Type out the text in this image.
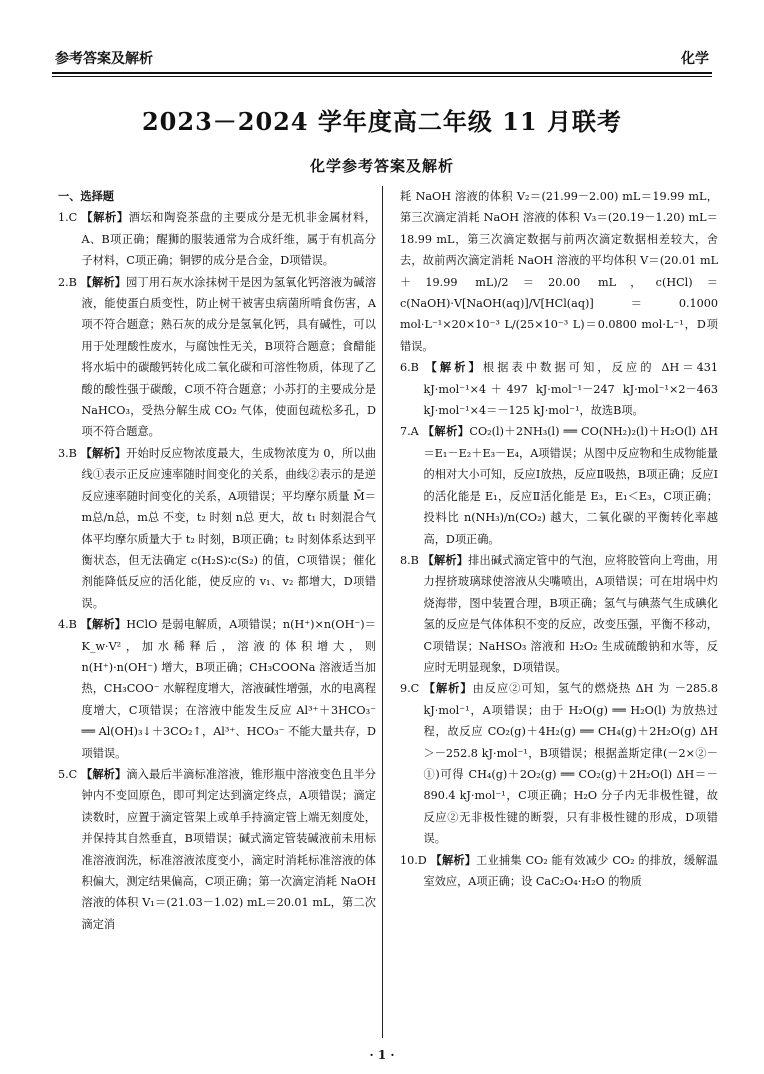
参考答案及解析	化学
2023－2024 学年度高二年级 11 月联考
化学参考答案及解析

一、选择题

1.C 【解析】酒坛和陶瓷茶盘的主要成分是无机非金属材料，A、B项正确；醒狮的服装通常为合成纤维，属于有机高分子材料，C项正确；铜锣的成分是合金，D项错误。

2.B 【解析】园丁用石灰水涂抹树干是因为氢氧化钙溶液为碱溶液，能使蛋白质变性，防止树干被害虫病菌所啃食伤害，A项不符合题意；熟石灰的成分是氢氧化钙，具有碱性，可以用于处理酸性废水，与腐蚀性无关，B项符合题意；食醋能将水垢中的碳酸钙转化成二氧化碳和可溶性物质，体现了乙酸的酸性强于碳酸，C项不符合题意；小苏打的主要成分是 NaHCO₃，受热分解生成 CO₂ 气体，使面包疏松多孔，D项不符合题意。

3.B 【解析】开始时反应物浓度最大，生成物浓度为 0，所以曲线①表示正反应速率随时间变化的关系，曲线②表示的是逆反应速率随时间变化的关系，A项错误；平均摩尔质量 M̄＝m总/n总，m总 不变，t₂ 时刻 n总 更大，故 t₁ 时刻混合气体平均摩尔质量大于 t₂ 时刻，B项正确；t₂ 时刻体系达到平衡状态，但无法确定 c(H₂S)∶c(S₂) 的值，C项错误；催化剂能降低反应的活化能，使反应的 v₁、v₂ 都增大，D项错误。

4.B 【解析】HClO 是弱电解质，A项错误；n(H⁺)×n(OH⁻)＝K_w·V²，加水稀释后，溶液的体积增大，则 n(H⁺)·n(OH⁻) 增大，B项正确；CH₃COONa 溶液适当加热，CH₃COO⁻ 水解程度增大，溶液碱性增强，水的电离程度增大，C项错误；在溶液中能发生反应 Al³⁺＋3HCO₃⁻ ══ Al(OH)₃↓＋3CO₂↑，Al³⁺、HCO₃⁻ 不能大量共存，D项错误。

5.C 【解析】滴入最后半滴标准溶液，锥形瓶中溶液变色且半分钟内不变回原色，即可判定达到滴定终点，A项错误；滴定读数时，应置于滴定管架上或单手持滴定管上端无刻度处，并保持其自然垂直，B项错误；碱式滴定管装碱液前未用标准溶液润洗，标准溶液浓度变小，滴定时消耗标准溶液的体积偏大，测定结果偏高，C项正确；第一次滴定消耗 NaOH 溶液的体积 V₁＝(21.03－1.02) mL＝20.01 mL，第二次滴定消

耗 NaOH 溶液的体积 V₂＝(21.99－2.00) mL＝19.99 mL，第三次滴定消耗 NaOH 溶液的体积 V₃＝(20.19－1.20) mL＝18.99 mL，第三次滴定数据与前两次滴定数据相差较大，舍去，故前两次滴定消耗 NaOH 溶液的平均体积 V＝(20.01 mL＋19.99 mL)/2＝20.00 mL，c(HCl)＝c(NaOH)·V[NaOH(aq)]/V[HCl(aq)]＝0.1000 mol·L⁻¹×20×10⁻³ L/(25×10⁻³ L)＝0.0800 mol·L⁻¹，D项错误。

6.B 【解析】根据表中数据可知，反应的 ΔH＝431 kJ·mol⁻¹×4＋497 kJ·mol⁻¹－247 kJ·mol⁻¹×2－463 kJ·mol⁻¹×4＝－125 kJ·mol⁻¹，故选B项。

7.A 【解析】CO₂(l)＋2NH₃(l) ══ CO(NH₂)₂(l)＋H₂O(l) ΔH＝E₁－E₂＋E₃－E₄，A项错误；从图中反应物和生成物能量的相对大小可知，反应Ⅰ放热，反应Ⅱ吸热，B项正确；反应Ⅰ的活化能是 E₁，反应Ⅱ活化能是 E₃，E₁＜E₃，C项正确；投料比 n(NH₃)/n(CO₂) 越大，二氧化碳的平衡转化率越高，D项正确。

8.B 【解析】排出碱式滴定管中的气泡，应将胶管向上弯曲，用力捏挤玻璃球使溶液从尖嘴喷出，A项错误；可在坩埚中灼烧海带，图中装置合理，B项正确；氢气与碘蒸气生成碘化氢的反应是气体体积不变的反应，改变压强，平衡不移动，C项错误；NaHSO₃ 溶液和 H₂O₂ 生成硫酸钠和水等，反应时无明显现象，D项错误。

9.C 【解析】由反应②可知，氢气的燃烧热 ΔH 为 －285.8 kJ·mol⁻¹，A项错误；由于 H₂O(g) ══ H₂O(l) 为放热过程，故反应 CO₂(g)＋4H₂(g) ══ CH₄(g)＋2H₂O(g) ΔH＞－252.8 kJ·mol⁻¹，B项错误；根据盖斯定律(－2×②－①)可得 CH₄(g)＋2O₂(g) ══ CO₂(g)＋2H₂O(l) ΔH＝－890.4 kJ·mol⁻¹，C项正确；H₂O 分子内无非极性键，故反应②无非极性键的断裂，只有非极性键的形成，D项错误。

10.D 【解析】工业捕集 CO₂ 能有效减少 CO₂ 的排放，缓解温室效应，A项正确；设 CaC₂O₄·H₂O 的物质

· 1 ·
